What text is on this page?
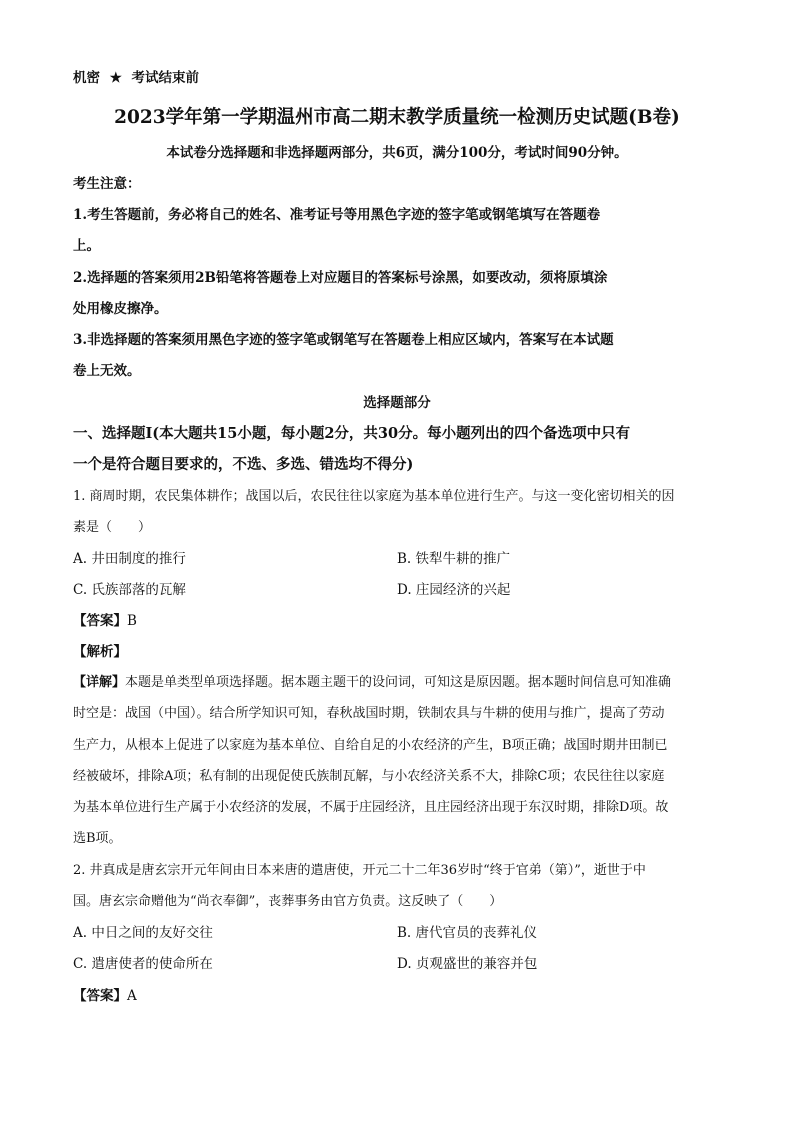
机密 ★ 考试结束前
2023学年第一学期温州市高二期末教学质量统一检测历史试题(B卷)
本试卷分选择题和非选择题两部分，共6页，满分100分，考试时间90分钟。
考生注意：
1.考生答题前，务必将自己的姓名、准考证号等用黑色字迹的签字笔或钢笔填写在答题卷
上。
2.选择题的答案须用2B铅笔将答题卷上对应题目的答案标号涂黑，如要改动，须将原填涂
处用橡皮擦净。
3.非选择题的答案须用黑色字迹的签字笔或钢笔写在答题卷上相应区域内，答案写在本试题
卷上无效。
选择题部分
一、选择题Ⅰ(本大题共15小题，每小题2分，共30分。每小题列出的四个备选项中只有
一个是符合题目要求的，不选、多选、错选均不得分)
1. 商周时期，农民集体耕作；战国以后，农民往往以家庭为基本单位进行生产。与这一变化密切相关的因
素是（　　）
A. 井田制度的推行	B. 铁犁牛耕的推广
C. 氏族部落的瓦解	D. 庄园经济的兴起
【答案】B
【解析】
【详解】本题是单类型单项选择题。据本题主题干的设问词，可知这是原因题。据本题时间信息可知准确
时空是：战国（中国）。结合所学知识可知，春秋战国时期，铁制农具与牛耕的使用与推广，提高了劳动
生产力，从根本上促进了以家庭为基本单位、自给自足的小农经济的产生，B项正确；战国时期井田制已
经被破坏，排除A项；私有制的出现促使氏族制瓦解，与小农经济关系不大，排除C项；农民往往以家庭
为基本单位进行生产属于小农经济的发展，不属于庄园经济，且庄园经济出现于东汉时期，排除D项。故
选B项。
2. 井真成是唐玄宗开元年间由日本来唐的遣唐使，开元二十二年36岁时“终于官弟（第）”，逝世于中
国。唐玄宗命赠他为“尚衣奉御”，丧葬事务由官方负责。这反映了（　　）
A. 中日之间的友好交往	B. 唐代官员的丧葬礼仪
C. 遣唐使者的使命所在	D. 贞观盛世的兼容并包
【答案】A
